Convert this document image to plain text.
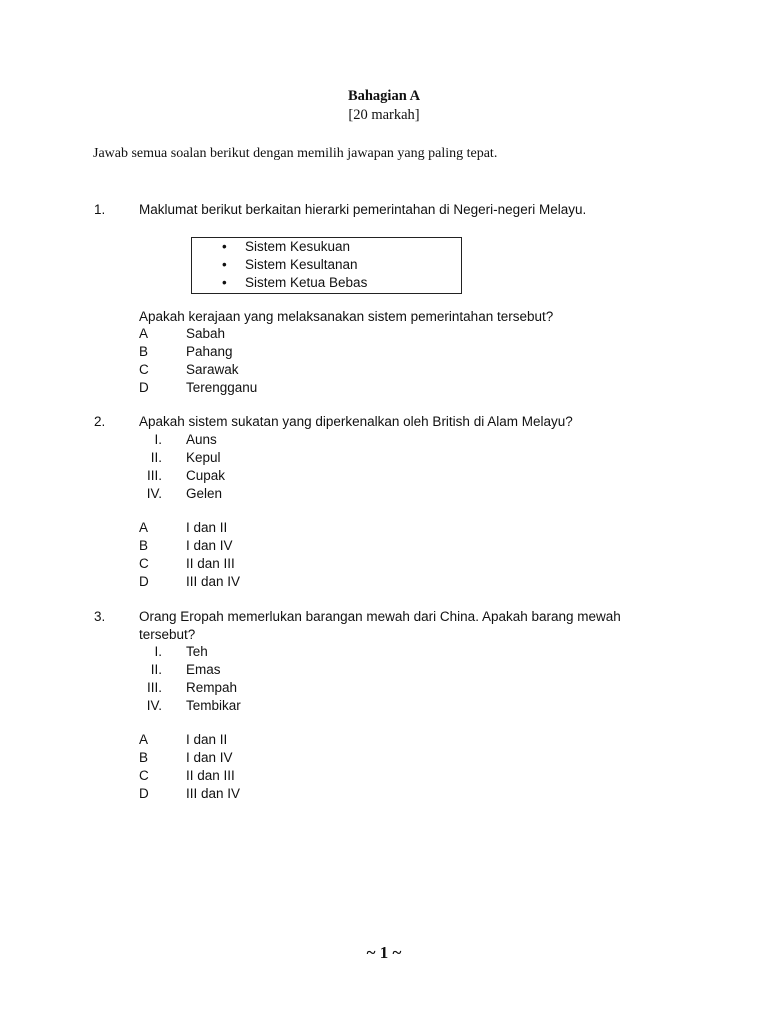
Bahagian A
[20 markah]
Jawab semua soalan berikut dengan memilih jawapan yang paling tepat.
1. Maklumat berikut berkaitan hierarki pemerintahan di Negeri-negeri Melayu.
• Sistem Kesukuan
• Sistem Kesultanan
• Sistem Ketua Bebas
Apakah kerajaan yang melaksanakan sistem pemerintahan tersebut?
A	Sabah
B	Pahang
C	Sarawak
D	Terengganu
2. Apakah sistem sukatan yang diperkenalkan oleh British di Alam Melayu?
I. Auns
II. Kepul
III. Cupak
IV. Gelen
A	I dan II
B	I dan IV
C	II dan III
D	III dan IV
3. Orang Eropah memerlukan barangan mewah dari China. Apakah barang mewah tersebut?
I. Teh
II. Emas
III. Rempah
IV. Tembikar
A	I dan II
B	I dan IV
C	II dan III
D	III dan IV
~ 1 ~
